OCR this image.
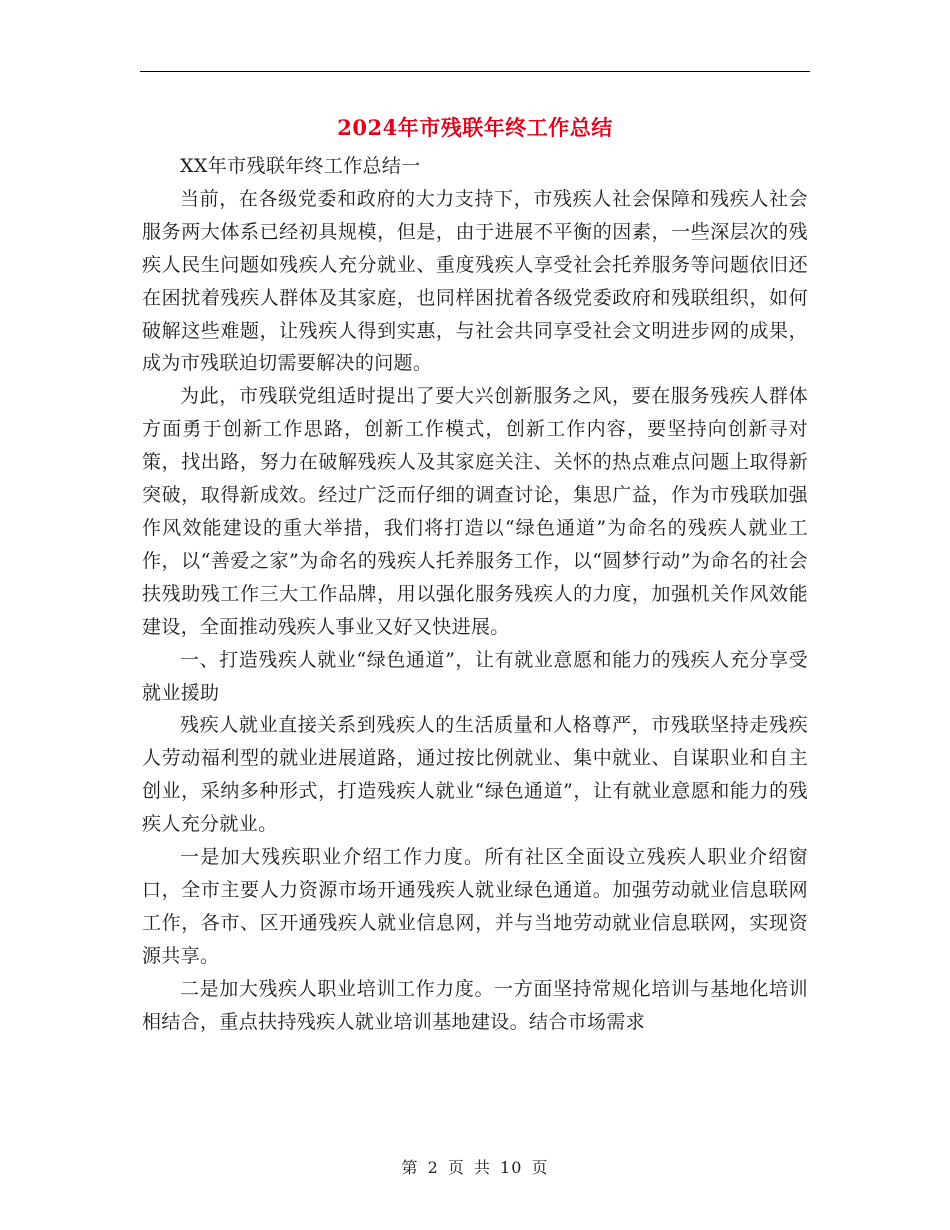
2024年市残联年终工作总结

XX年市残联年终工作总结一

当前，在各级党委和政府的大力支持下，市残疾人社会保障和残疾人社会服务两大体系已经初具规模，但是，由于进展不平衡的因素，一些深层次的残疾人民生问题如残疾人充分就业、重度残疾人享受社会托养服务等问题依旧还在困扰着残疾人群体及其家庭，也同样困扰着各级党委政府和残联组织，如何破解这些难题，让残疾人得到实惠，与社会共同享受社会文明进步网的成果，成为市残联迫切需要解决的问题。

为此，市残联党组适时提出了要大兴创新服务之风，要在服务残疾人群体方面勇于创新工作思路，创新工作模式，创新工作内容，要坚持向创新寻对策，找出路，努力在破解残疾人及其家庭关注、关怀的热点难点问题上取得新突破，取得新成效。经过广泛而仔细的调查讨论，集思广益，作为市残联加强作风效能建设的重大举措，我们将打造以“绿色通道”为命名的残疾人就业工作，以“善爱之家”为命名的残疾人托养服务工作，以“圆梦行动”为命名的社会扶残助残工作三大工作品牌，用以强化服务残疾人的力度，加强机关作风效能建设，全面推动残疾人事业又好又快进展。

一、打造残疾人就业“绿色通道”，让有就业意愿和能力的残疾人充分享受就业援助

残疾人就业直接关系到残疾人的生活质量和人格尊严，市残联坚持走残疾人劳动福利型的就业进展道路，通过按比例就业、集中就业、自谋职业和自主创业，采纳多种形式，打造残疾人就业“绿色通道”，让有就业意愿和能力的残疾人充分就业。

一是加大残疾职业介绍工作力度。所有社区全面设立残疾人职业介绍窗口，全市主要人力资源市场开通残疾人就业绿色通道。加强劳动就业信息联网工作，各市、区开通残疾人就业信息网，并与当地劳动就业信息联网，实现资源共享。

二是加大残疾人职业培训工作力度。一方面坚持常规化培训与基地化培训相结合，重点扶持残疾人就业培训基地建设。结合市场需求

第 2 页 共 10 页
